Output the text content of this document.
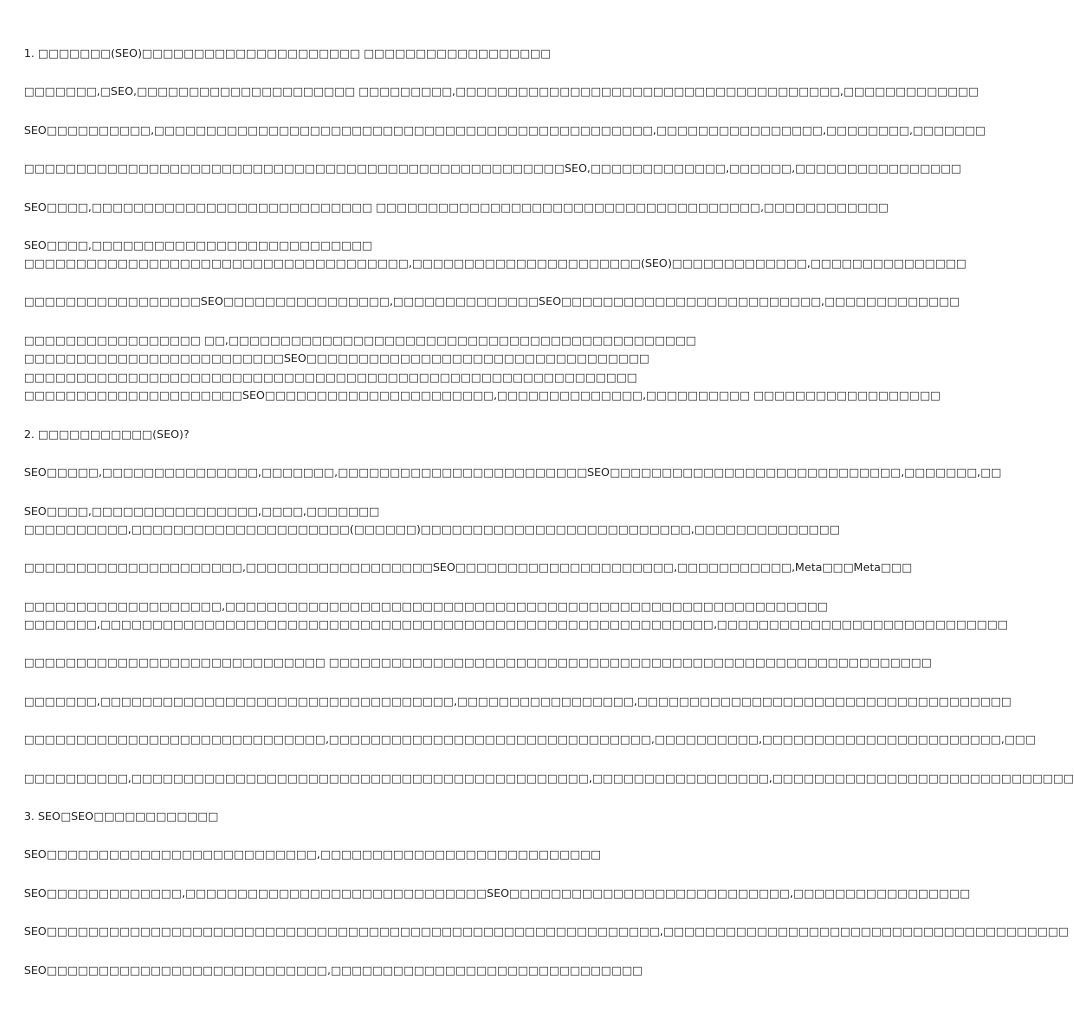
1. □□□□□□□(SEO)□□□□□□□□□□□□□□□□□□□□□ □□□□□□□□□□□□□□□□□□
□□□□□□□,□SEO,□□□□□□□□□□□□□□□□□□□□□ □□□□□□□□□,□□□□□□□□□□□□□□□□□□□□□□□□□□□□□□□□□□□□□,□□□□□□□□□□□□□
SEO□□□□□□□□□□,□□□□□□□□□□□□□□□□□□□□□□□□□□□□□□□□□□□□□□□□□□□□□□□□,□□□□□□□□□□□□□□□□,□□□□□□□□,□□□□□□□
□□□□□□□□□□□□□□□□□□□□□□□□□□□□□□□□□□□□□□□□□□□□□□□□□□□□SEO,□□□□□□□□□□□□□,□□□□□□,□□□□□□□□□□□□□□□□
SEO□□□□,□□□□□□□□□□□□□□□□□□□□□□□□□□□ □□□□□□□□□□□□□□□□□□□□□□□□□□□□□□□□□□□□□,□□□□□□□□□□□□
SEO□□□□,□□□□□□□□□□□□□□□□□□□□□□□□□□□
□□□□□□□□□□□□□□□□□□□□□□□□□□□□□□□□□□□□□,□□□□□□□□□□□□□□□□□□□□□□(SEO)□□□□□□□□□□□□□,□□□□□□□□□□□□□□□
□□□□□□□□□□□□□□□□□SEO□□□□□□□□□□□□□□□□,□□□□□□□□□□□□□□SEO□□□□□□□□□□□□□□□□□□□□□□□□□,□□□□□□□□□□□□□
□□□□□□□□□□□□□□□□□ □□,□□□□□□□□□□□□□□□□□□□□□□□□□□□□□□□□□□□□□□□□□□□□□
□□□□□□□□□□□□□□□□□□□□□□□□□SEO□□□□□□□□□□□□□□□□□□□□□□□□□□□□□□□□□
□□□□□□□□□□□□□□□□□□□□□□□□□□□□□□□□□□□□□□□□□□□□□□□□□□□□□□□□□□□
□□□□□□□□□□□□□□□□□□□□□SEO□□□□□□□□□□□□□□□□□□□□□□,□□□□□□□□□□□□□□,□□□□□□□□□□ □□□□□□□□□□□□□□□□□□
2. □□□□□□□□□□□(SEO)?
SEO□□□□□,□□□□□□□□□□□□□□□,□□□□□□□,□□□□□□□□□□□□□□□□□□□□□□□□SEO□□□□□□□□□□□□□□□□□□□□□□□□□□□□,□□□□□□□,□□
SEO□□□□,□□□□□□□□□□□□□□□□,□□□□,□□□□□□□
□□□□□□□□□□,□□□□□□□□□□□□□□□□□□□□□(□□□□□□)□□□□□□□□□□□□□□□□□□□□□□□□□□,□□□□□□□□□□□□□□
□□□□□□□□□□□□□□□□□□□□□,□□□□□□□□□□□□□□□□□□SEO□□□□□□□□□□□□□□□□□□□□□,□□□□□□□□□□□,Meta□□□Meta□□□
□□□□□□□□□□□□□□□□□□□,□□□□□□□□□□□□□□□□□□□□□□□□□□□□□□□□□□□□□□□□□□□□□□□□□□□□□□□□□□
□□□□□□□,□□□□□□□□□□□□□□□□□□□□□□□□□□□□□□□□□□□□□□□□□□□□□□□□□□□□□□□□□□□,□□□□□□□□□□□□□□□□□□□□□□□□□□□□
□□□□□□□□□□□□□□□□□□□□□□□□□□□□□ □□□□□□□□□□□□□□□□□□□□□□□□□□□□□□□□□□□□□□□□□□□□□□□□□□□□□□□□□□
□□□□□□□,□□□□□□□□□□□□□□□□□□□□□□□□□□□□□□□□□□,□□□□□□□□□□□□□□□□□,□□□□□□□□□□□□□□□□□□□□□□□□□□□□□□□□□□□□
□□□□□□□□□□□□□□□□□□□□□□□□□□□□□,□□□□□□□□□□□□□□□□□□□□□□□□□□□□□□□,□□□□□□□□□□,□□□□□□□□□□□□□□□□□□□□□□□,□□□
□□□□□□□□□□,□□□□□□□□□□□□□□□□□□□□□□□□□□□□□□□□□□□□□□□□□□□□,□□□□□□□□□□□□□□□□□,□□□□□□□□□□□□□□□□□□□□□□□□□□□□□
3. SEO□SEO□□□□□□□□□□□□
SEO□□□□□□□□□□□□□□□□□□□□□□□□□□,□□□□□□□□□□□□□□□□□□□□□□□□□□□
SEO□□□□□□□□□□□□□,□□□□□□□□□□□□□□□□□□□□□□□□□□□□□SEO□□□□□□□□□□□□□□□□□□□□□□□□□□□,□□□□□□□□□□□□□□□□□
SEO□□□□□□□□□□□□□□□□□□□□□□□□□□□□□□□□□□□□□□□□□□□□□□□□□□□□□□□□□□□,□□□□□□□□□□□□□□□□□□□□□□□□□□□□□□□□□□□□□□□
SEO□□□□□□□□□□□□□□□□□□□□□□□□□□□,□□□□□□□□□□□□□□□□□□□□□□□□□□□□□□
